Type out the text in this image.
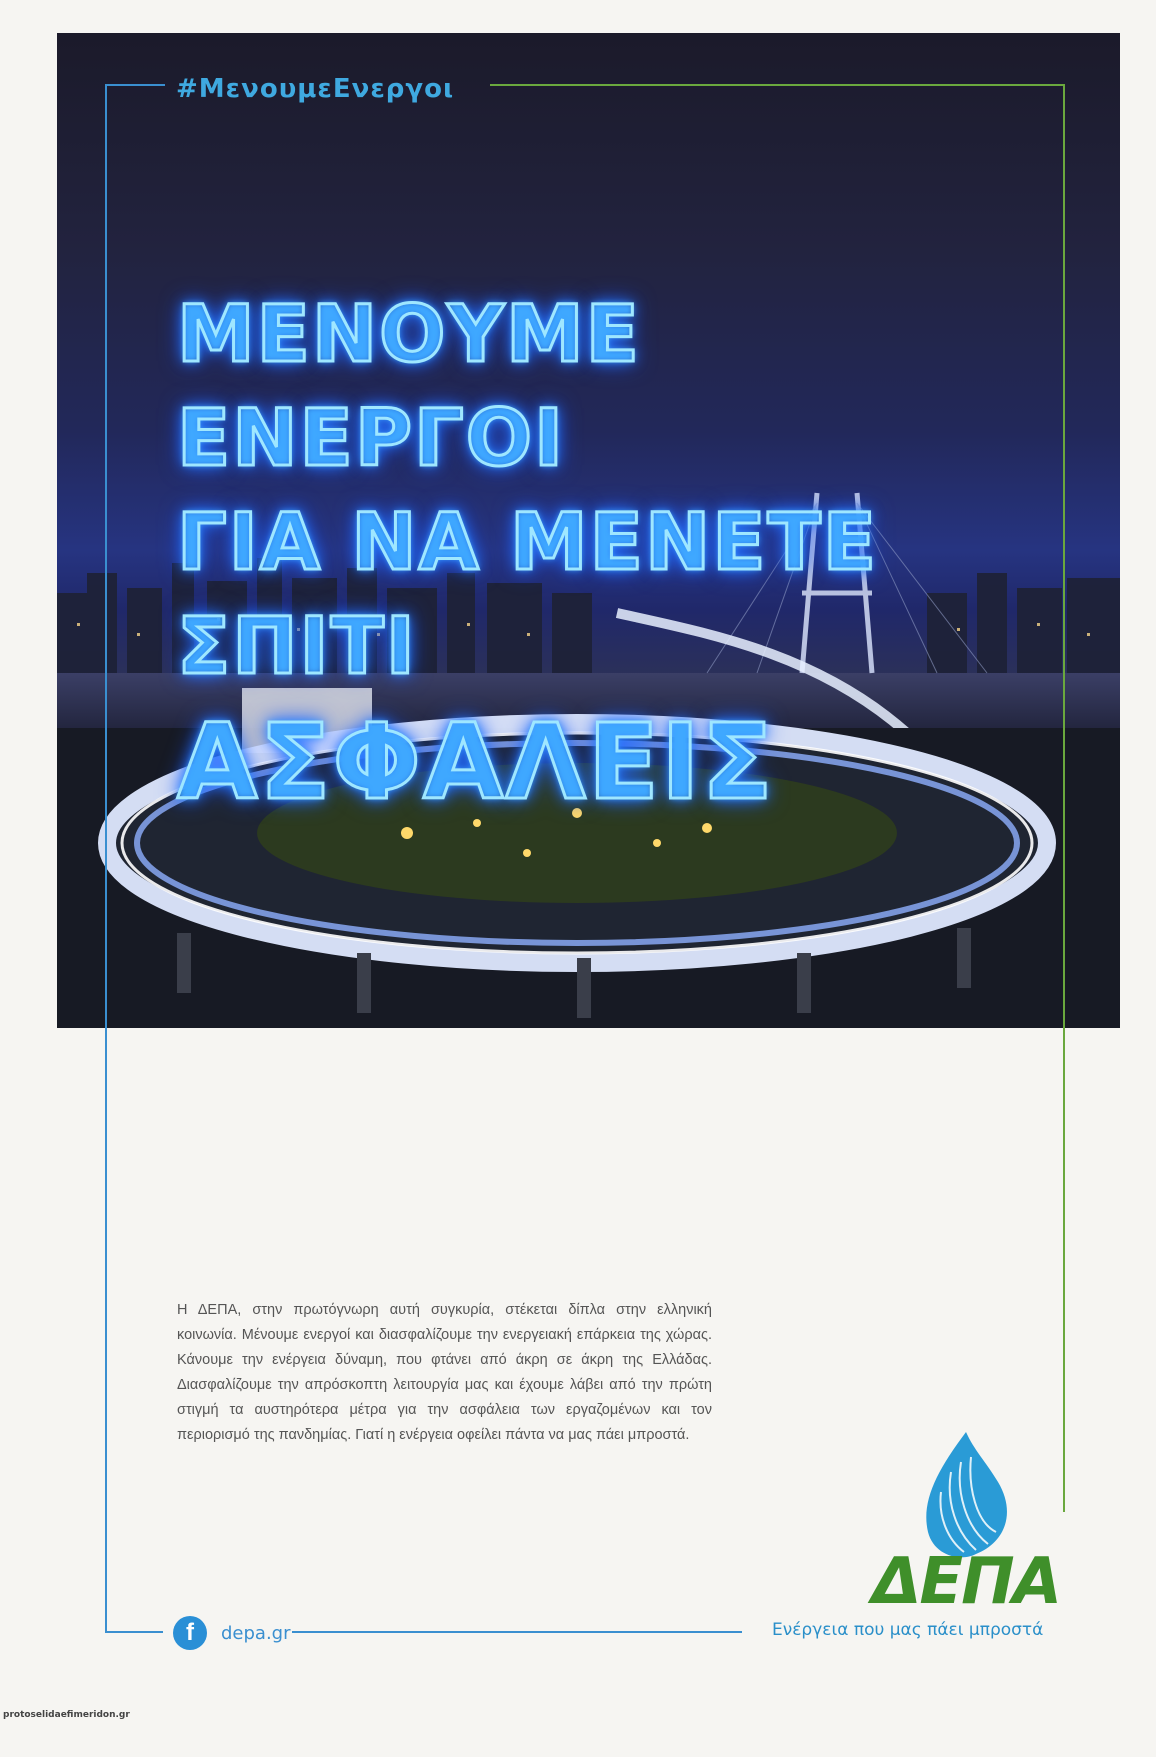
ΜΕΝΟΥΜΕ ΕΝΕΡΓΟΙ
ΓΙΑ ΝΑ ΜΕΝΕΤΕ ΣΠΙΤΙ
ΑΣΦΑΛΕΙΣ
#ΜενουμεΕνεργοι
Η ΔΕΠΑ, στην πρωτόγνωρη αυτή συγκυρία, στέκεται δίπλα στην ελληνική κοινωνία. Μένουμε ενεργοί και διασφαλίζουμε την ενεργειακή επάρκεια της χώρας. Κάνουμε την ενέργεια δύναμη, που φτάνει από άκρη σε άκρη της Ελλάδας. Διασφαλίζουμε την απρόσκοπτη λειτουργία μας και έχουμε λάβει από την πρώτη στιγμή τα αυστηρότερα μέτρα για την ασφάλεια των εργαζομένων και τον περιορισμό της πανδημίας. Γιατί η ενέργεια οφείλει πάντα να μας πάει μπροστά.
ΔΕΠΑ
Ενέργεια που μας πάει μπροστά
f	depa.gr
protoselidaefimeridon.gr
